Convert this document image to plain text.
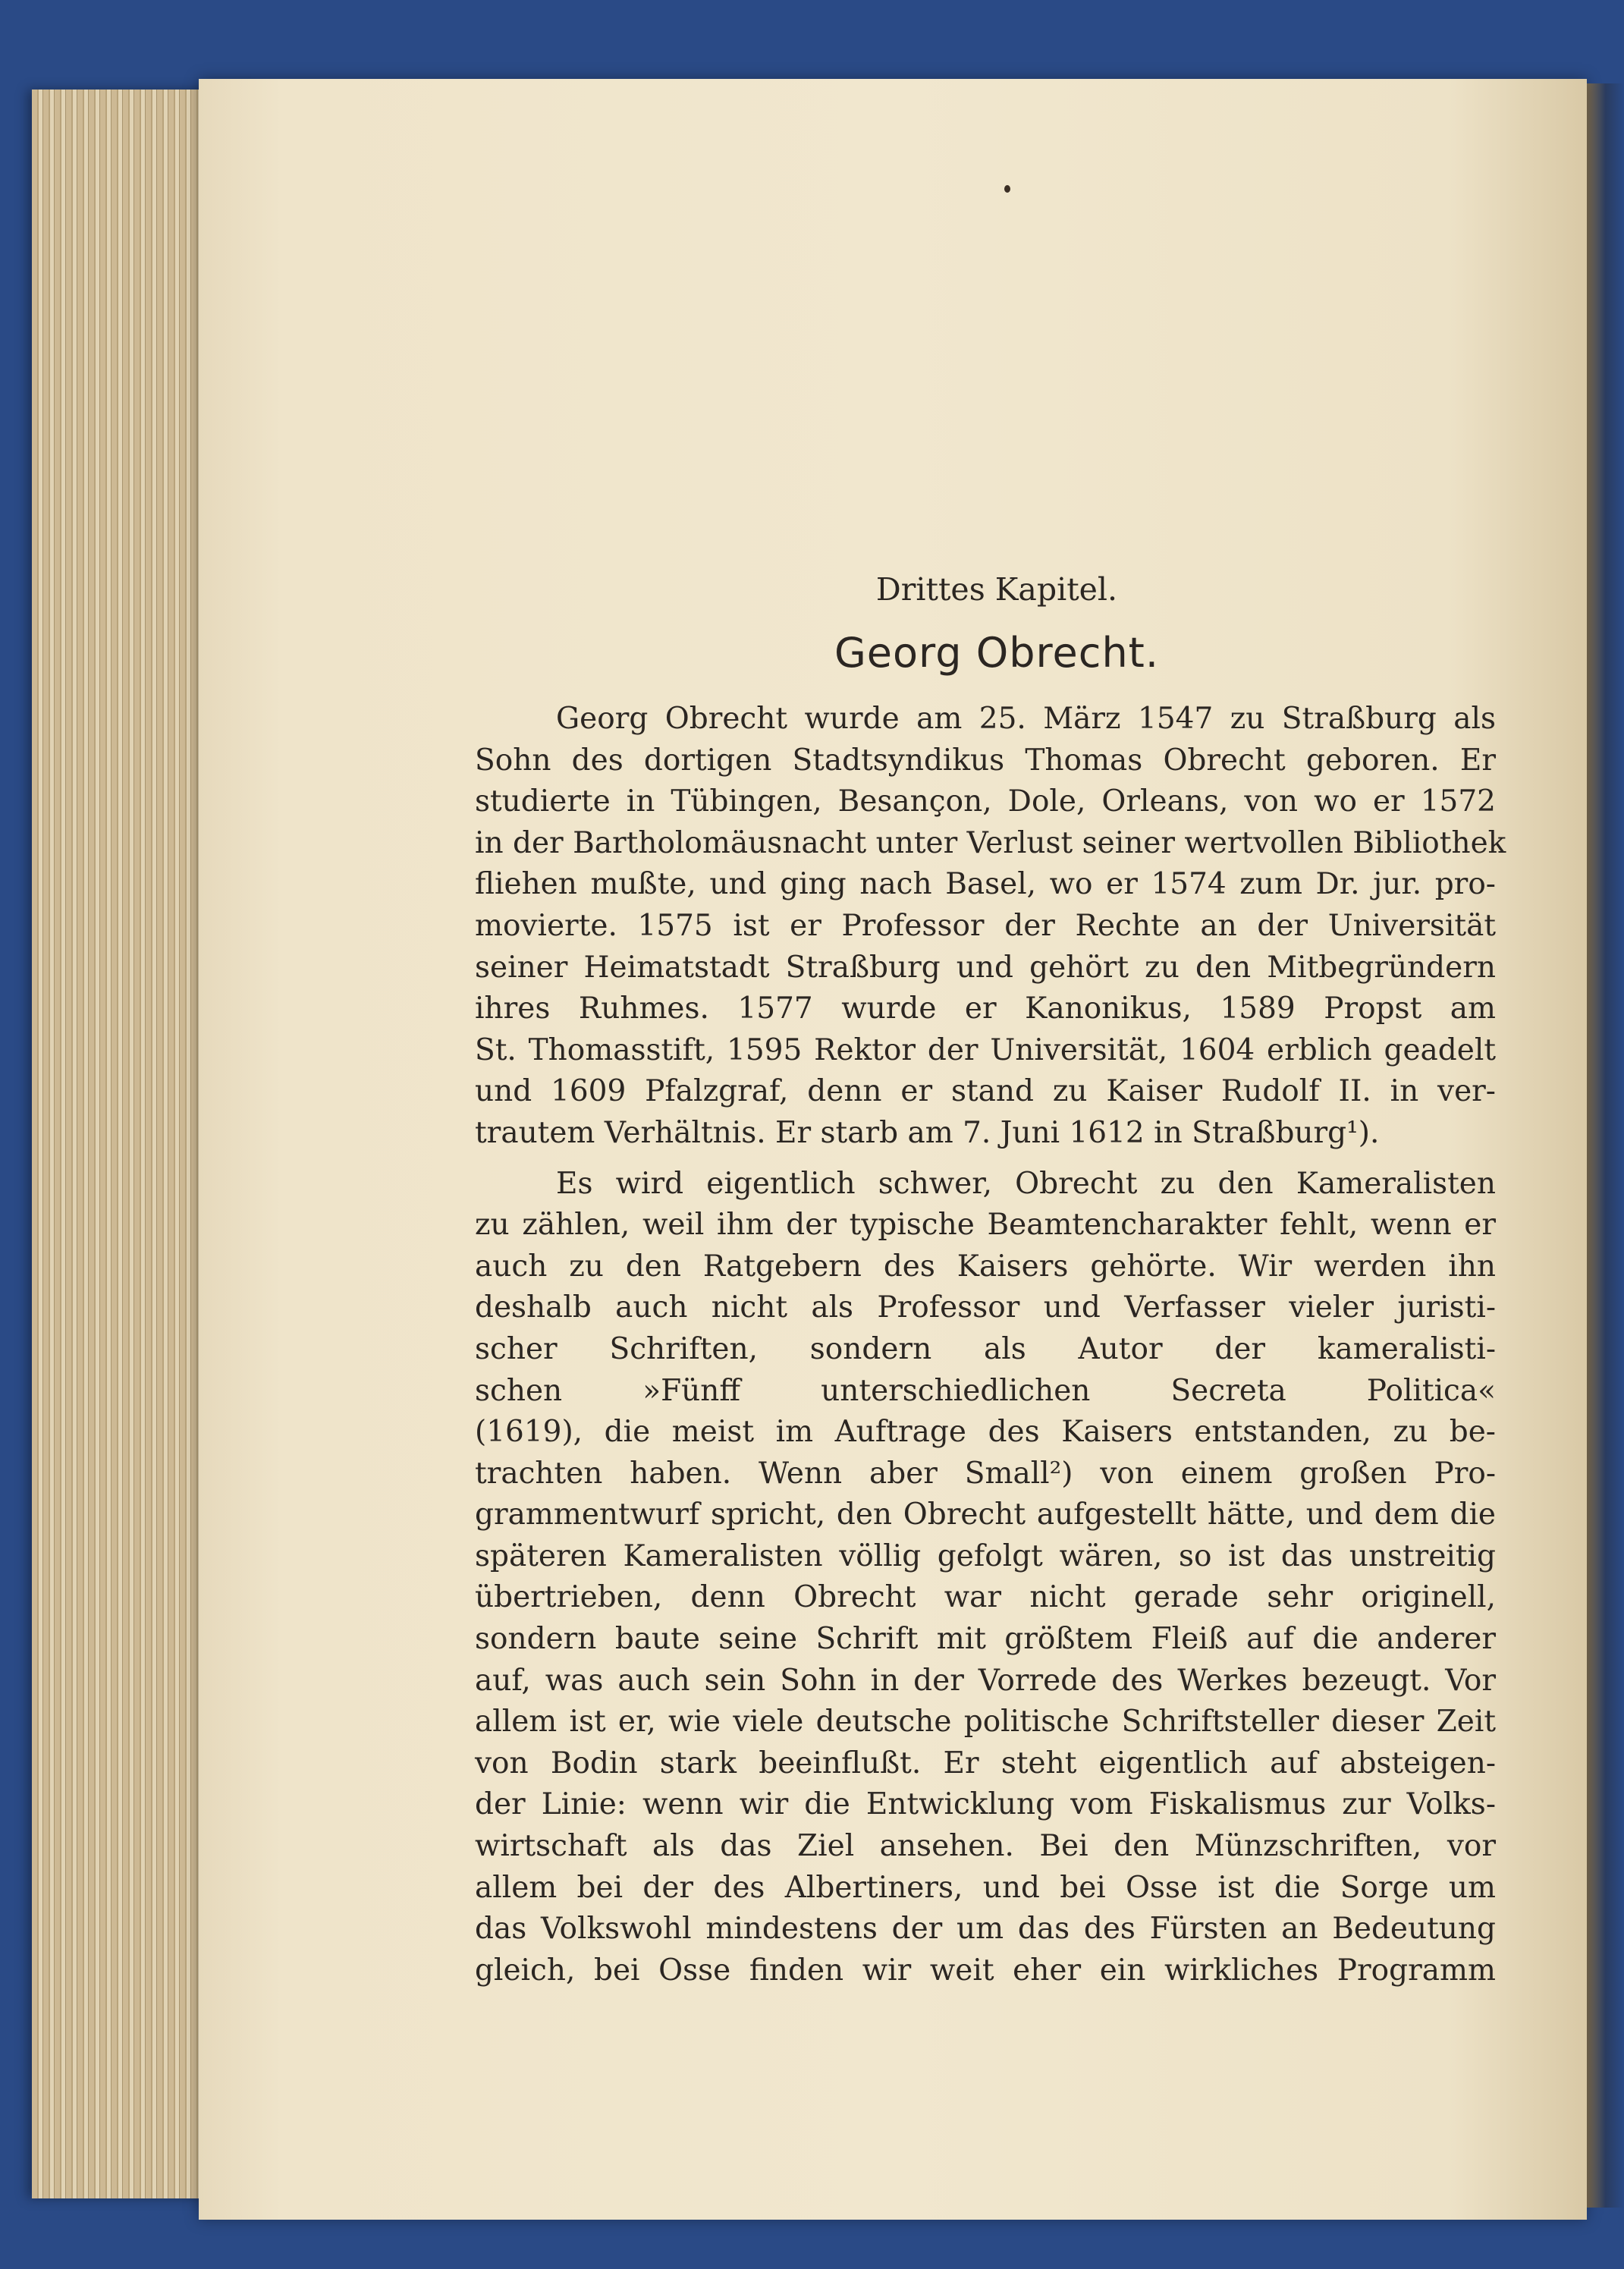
Drittes Kapitel.
Georg Obrecht.
Georg Obrecht wurde am 25. März 1547 zu Straßburg als
Sohn des dortigen Stadtsyndikus Thomas Obrecht geboren. Er
studierte in Tübingen, Besançon, Dole, Orleans, von wo er 1572
in der Bartholomäusnacht unter Verlust seiner wertvollen Bibliothek
fliehen mußte, und ging nach Basel, wo er 1574 zum Dr. jur. pro-
movierte. 1575 ist er Professor der Rechte an der Universität
seiner Heimatstadt Straßburg und gehört zu den Mitbegründern
ihres Ruhmes. 1577 wurde er Kanonikus, 1589 Propst am
St. Thomasstift, 1595 Rektor der Universität, 1604 erblich geadelt
und 1609 Pfalzgraf, denn er stand zu Kaiser Rudolf II. in ver-
trautem Verhältnis. Er starb am 7. Juni 1612 in Straßburg¹).
Es wird eigentlich schwer, Obrecht zu den Kameralisten
zu zählen, weil ihm der typische Beamtencharakter fehlt, wenn er
auch zu den Ratgebern des Kaisers gehörte. Wir werden ihn
deshalb auch nicht als Professor und Verfasser vieler juristi-
scher Schriften, sondern als Autor der kameralisti-
schen »Fünff unterschiedlichen Secreta Politica«
(1619), die meist im Auftrage des Kaisers entstanden, zu be-
trachten haben. Wenn aber Small²) von einem großen Pro-
grammentwurf spricht, den Obrecht aufgestellt hätte, und dem die
späteren Kameralisten völlig gefolgt wären, so ist das unstreitig
übertrieben, denn Obrecht war nicht gerade sehr originell,
sondern baute seine Schrift mit größtem Fleiß auf die anderer
auf, was auch sein Sohn in der Vorrede des Werkes bezeugt. Vor
allem ist er, wie viele deutsche politische Schriftsteller dieser Zeit
von Bodin stark beeinflußt. Er steht eigentlich auf absteigen-
der Linie: wenn wir die Entwicklung vom Fiskalismus zur Volks-
wirtschaft als das Ziel ansehen. Bei den Münzschriften, vor
allem bei der des Albertiners, und bei Osse ist die Sorge um
das Volkswohl mindestens der um das des Fürsten an Bedeutung
gleich, bei Osse finden wir weit eher ein wirkliches Programm
